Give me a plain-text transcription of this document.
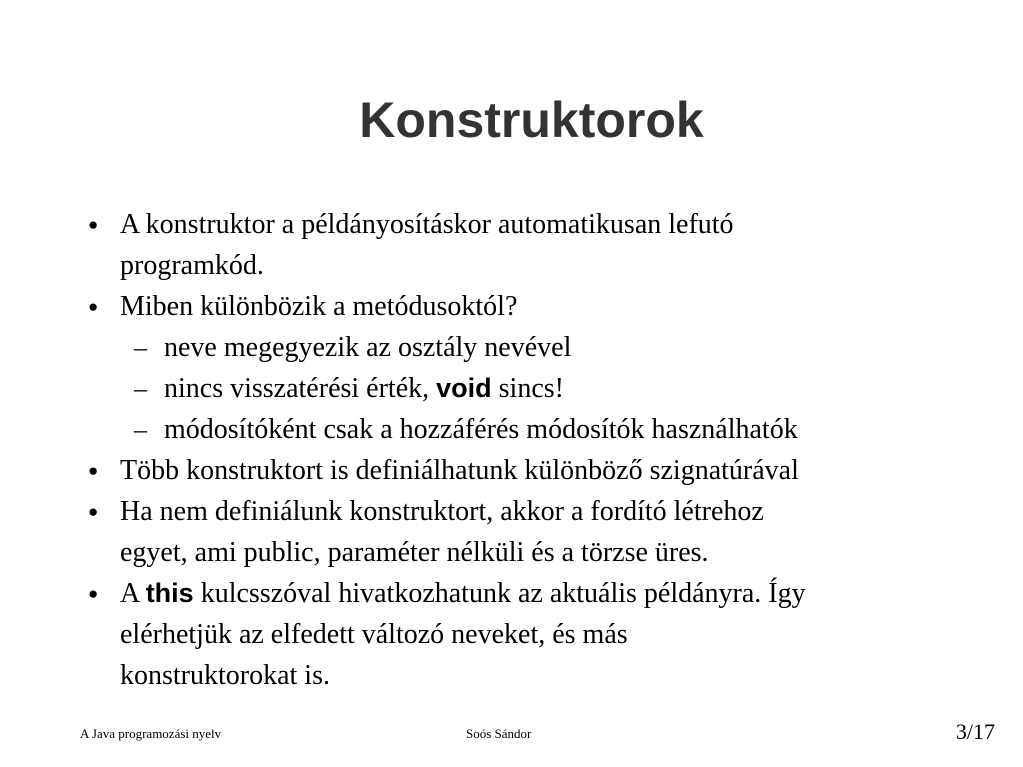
Konstruktorok
● A konstruktor a példányosításkor automatikusan lefutó
programkód.
● Miben különbözik a metódusoktól?
– neve megegyezik az osztály nevével
– nincs visszatérési érték, void sincs!
– módosítóként csak a hozzáférés módosítók használhatók
● Több konstruktort is definiálhatunk különböző szignatúrával
● Ha nem definiálunk konstruktort, akkor a fordító létrehoz
egyet, ami public, paraméter nélküli és a törzse üres.
● A this kulcsszóval hivatkozhatunk az aktuális példányra. Így
elérhetjük az elfedett változó neveket, és más
konstruktorokat is.
A Java programozási nyelv	Soós Sándor	3/17
